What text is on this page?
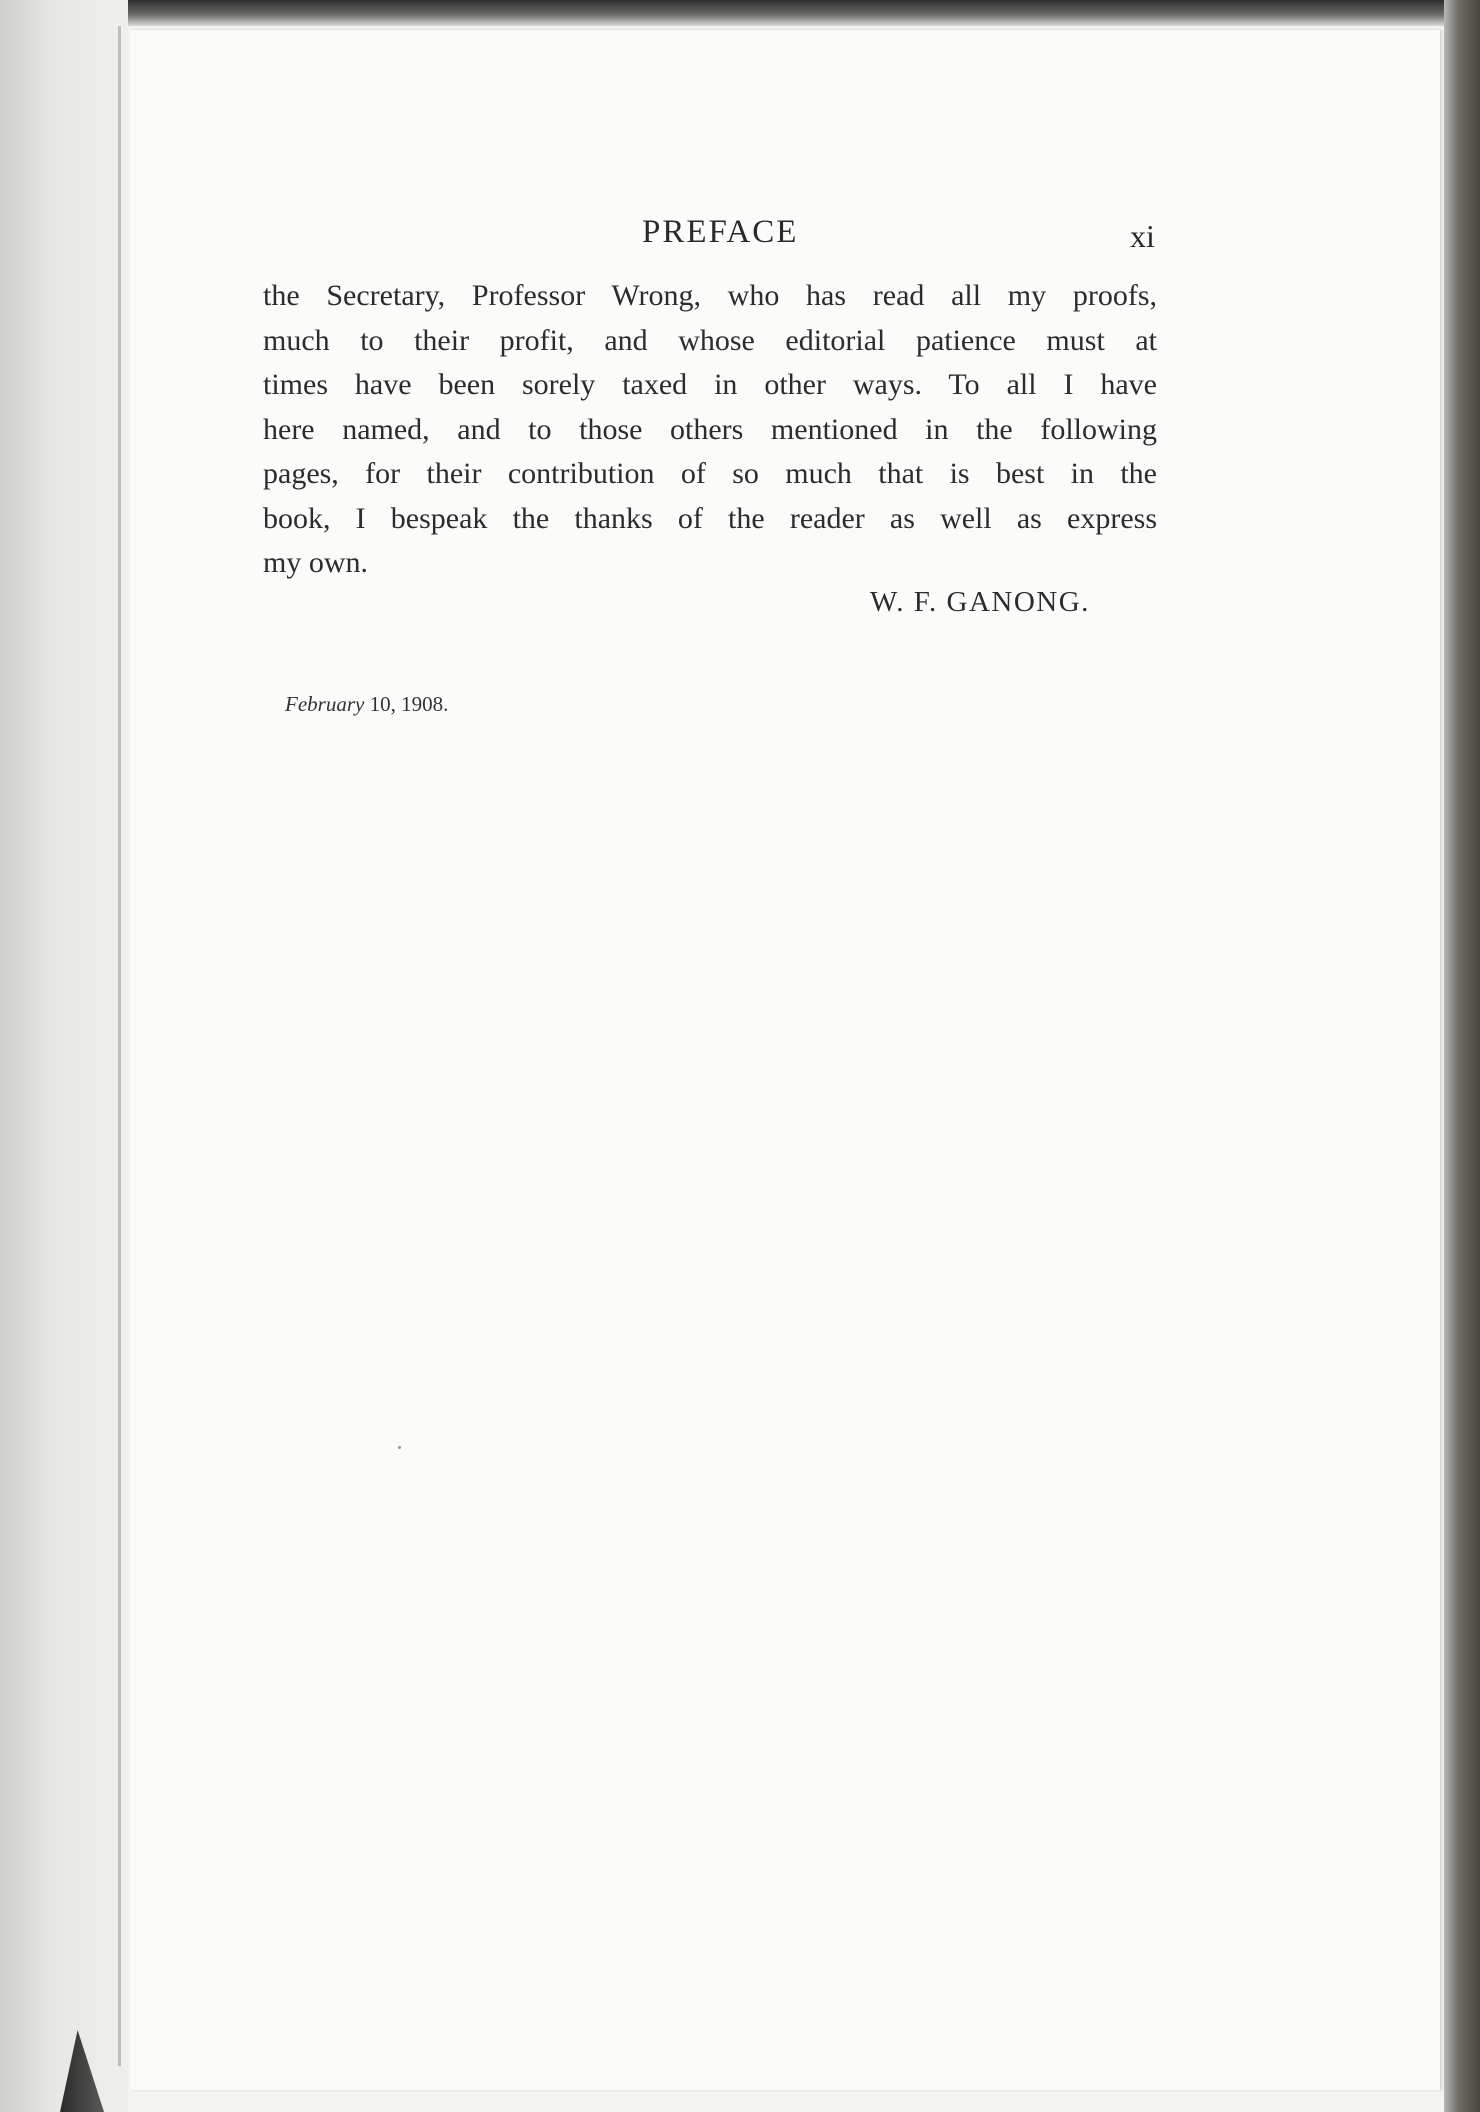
PREFACE	xi
the Secretary, Professor Wrong, who has read all my proofs,
much to their profit, and whose editorial patience must at
times have been sorely taxed in other ways. To all I have
here named, and to those others mentioned in the following
pages, for their contribution of so much that is best in the
book, I bespeak the thanks of the reader as well as express
my own.
W. F. GANONG.
February 10, 1908.
